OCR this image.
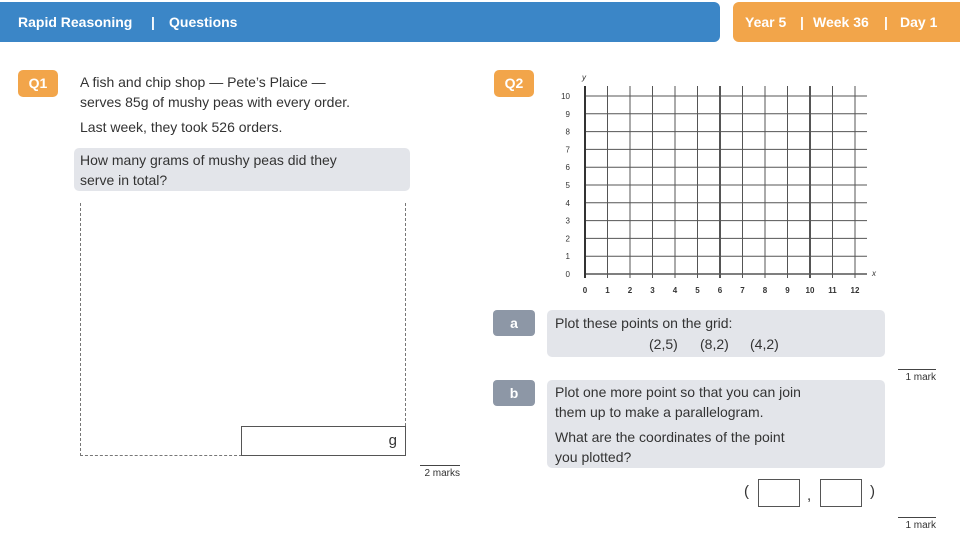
Rapid Reasoning | Questions	Year 5 | Week 36 | Day 1
Q1	A fish and chip shop — Pete’s Plaice —
serves 85g of mushy peas with every order.
Last week, they took 526 orders.
How many grams of mushy peas did they
serve in total?
g
2 marks
Q2
0 1 2 3 4 5 6 7 8 9 10 11 12
0
1
2
3
4
5
6
7
8
9
10
x
y
a	Plot these points on the grid:
(2,5) (8,2) (4,2)
1 mark
b	Plot one more point so that you can join
them up to make a parallelogram.
What are the coordinates of the point
you plotted?
(	,	)
1 mark
